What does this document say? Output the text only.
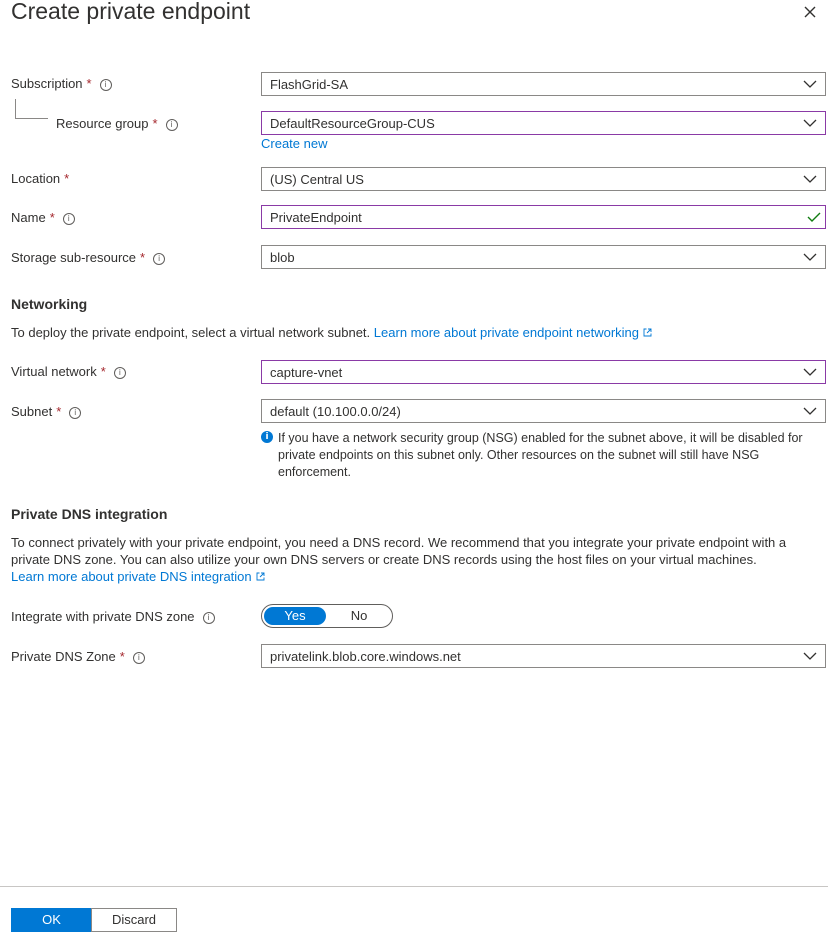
Create private endpoint
Subscription * i	FlashGrid-SA
Resource group * i	DefaultResourceGroup-CUS
Create new
Location *	(US) Central US
Name * i	PrivateEndpoint
Storage sub-resource * i	blob
Networking
To deploy the private endpoint, select a virtual network subnet. Learn more about private endpoint networking
Virtual network * i	capture-vnet
Subnet * i	default (10.100.0.0/24)
i If you have a network security group (NSG) enabled for the subnet above, it will be disabled for private endpoints on this subnet only. Other resources on the subnet will still have NSG enforcement.
Private DNS integration
To connect privately with your private endpoint, you need a DNS record. We recommend that you integrate your private endpoint with a private DNS zone. You can also utilize your own DNS servers or create DNS records using the host files on your virtual machines.
Learn more about private DNS integration
Integrate with private DNS zone i	Yes	No
Private DNS Zone * i	privatelink.blob.core.windows.net
OK	Discard
